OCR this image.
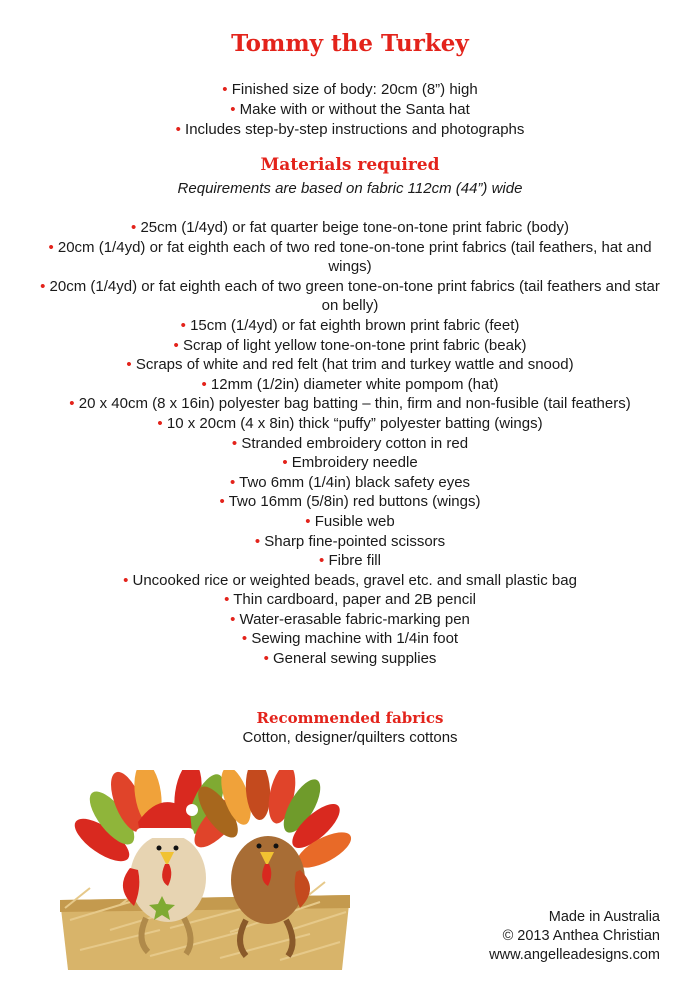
Tommy the Turkey
• Finished size of body: 20cm (8”) high
• Make with or without the Santa hat
• Includes step-by-step instructions and photographs
Materials required
Requirements are based on fabric 112cm (44”) wide
• 25cm (1/4yd) or fat quarter beige tone-on-tone print fabric (body)
• 20cm (1/4yd) or fat eighth each of two red tone-on-tone print fabrics (tail feathers, hat and wings)
• 20cm (1/4yd) or fat eighth each of two green tone-on-tone print fabrics (tail feathers and star on belly)
• 15cm (1/4yd) or fat eighth brown print fabric (feet)
• Scrap of light yellow tone-on-tone print fabric (beak)
• Scraps of white and red felt (hat trim and turkey wattle and snood)
• 12mm (1/2in) diameter white pompom (hat)
• 20 x 40cm (8 x 16in) polyester bag batting – thin, firm and non-fusible (tail feathers)
• 10 x 20cm (4 x 8in) thick “puffy” polyester batting (wings)
• Stranded embroidery cotton in red
• Embroidery needle
• Two 6mm (1/4in) black safety eyes
• Two 16mm (5/8in) red buttons (wings)
• Fusible web
• Sharp fine-pointed scissors
• Fibre fill
• Uncooked rice or weighted beads, gravel etc. and small plastic bag
• Thin cardboard, paper and 2B pencil
• Water-erasable fabric-marking pen
• Sewing machine with 1/4in foot
• General sewing supplies
Recommended fabrics
Cotton, designer/quilters cottons
Made in Australia
© 2013 Anthea Christian
www.angelleadesigns.com
